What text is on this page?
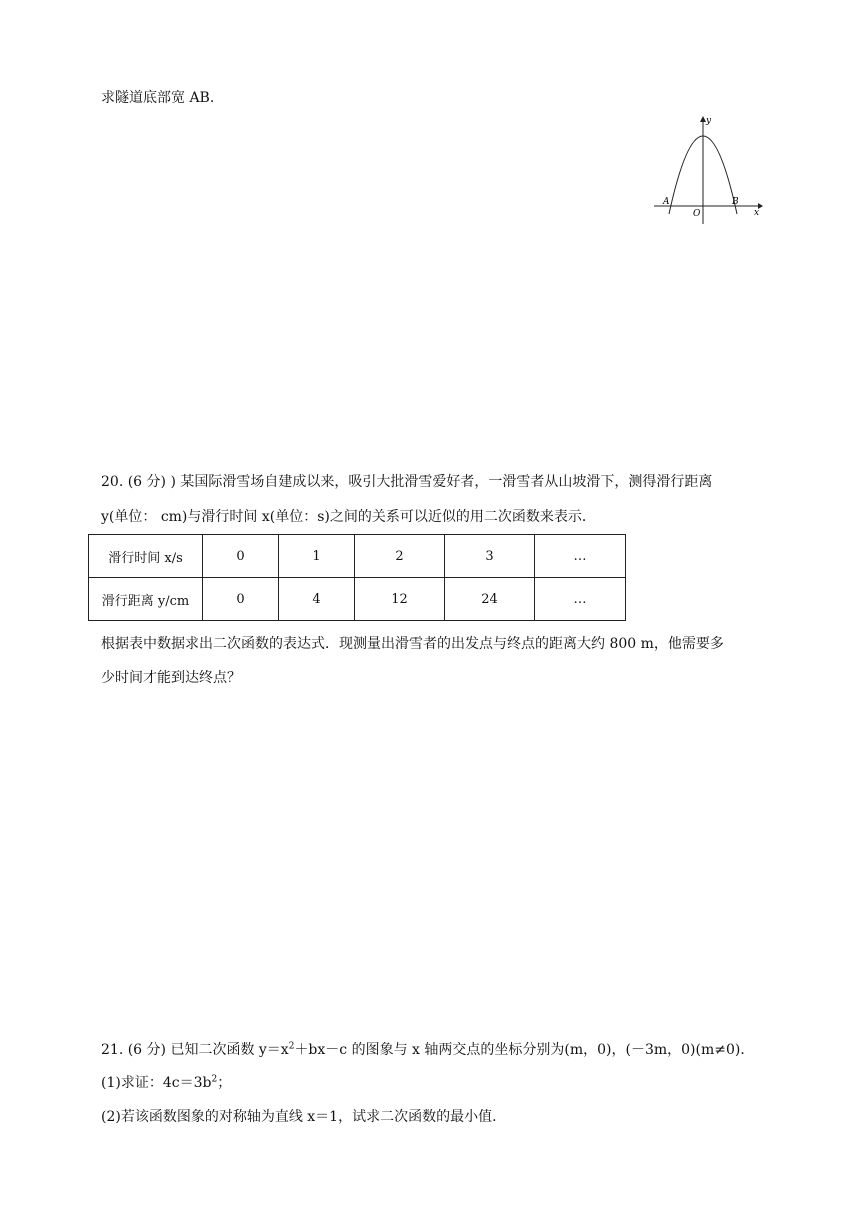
求隧道底部宽 AB.
y
x
A	B
O
20. (6 分) ) 某国际滑雪场自建成以来，吸引大批滑雪爱好者，一滑雪者从山坡滑下，测得滑行距离
y(单位： cm)与滑行时间 x(单位：s)之间的关系可以近似的用二次函数来表示．
滑行时间 x/s	0	1	2	3	…
滑行距离 y/cm	0	4	12	24	…
根据表中数据求出二次函数的表达式．现测量出滑雪者的出发点与终点的距离大约 800 m，他需要多
少时间才能到达终点？
21. (6 分) 已知二次函数 $y=x^2+bx-c$ 的图象与 x 轴两交点的坐标分别为(m，0)，(－3m，0)(m≠0)．
(1)求证：$4c=3b^2$；
(2)若该函数图象的对称轴为直线 x＝1，试求二次函数的最小值．
